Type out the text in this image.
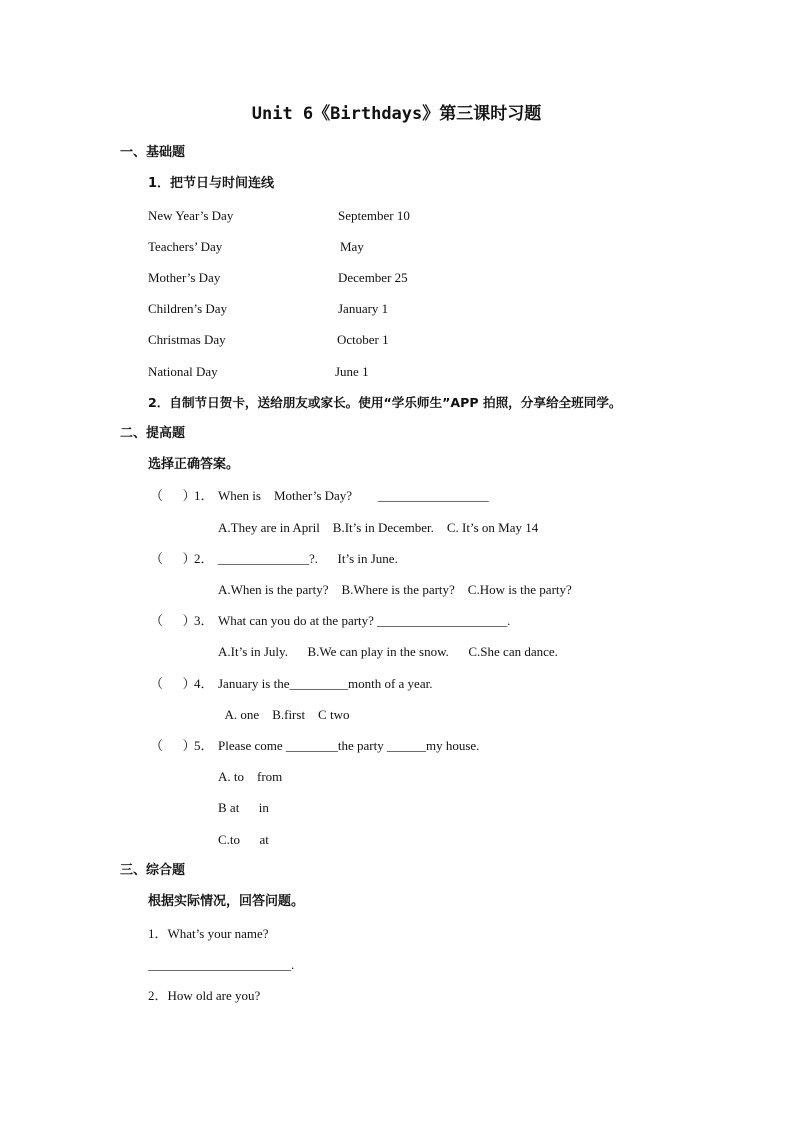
Unit 6《Birthdays》第三课时习题
一、基础题
1．把节日与时间连线
New Year’s Day
Teachers’ Day
Mother’s Day
Children’s Day
Christmas Day
National Day
September 10
May
December 25
January 1
October 1
June 1
2．自制节日贺卡，送给朋友或家长。使用“学乐师生”APP 拍照，分享给全班同学。
二、提高题
选择正确答案。
（      ）
1． When is    Mother’s Day?        _________________
A.They are in April    B.It’s in December.    C. It’s on May 14
（      ）
2． ______________?.      It’s in June.
A.When is the party?    B.Where is the party?    C.How is the party?
（      ）
3． What can you do at the party? ____________________.
A.It’s in July.      B.We can play in the snow.      C.She can dance.
（      ）
4． January is the_________month of a year.
A. one    B.first    C two
（      ）
5． Please come ________the party ______my house.
A. to    from
B at      in
C.to      at
三、综合题
根据实际情况，回答问题。
1．What’s your name?
______________________.
2．How old are you?
